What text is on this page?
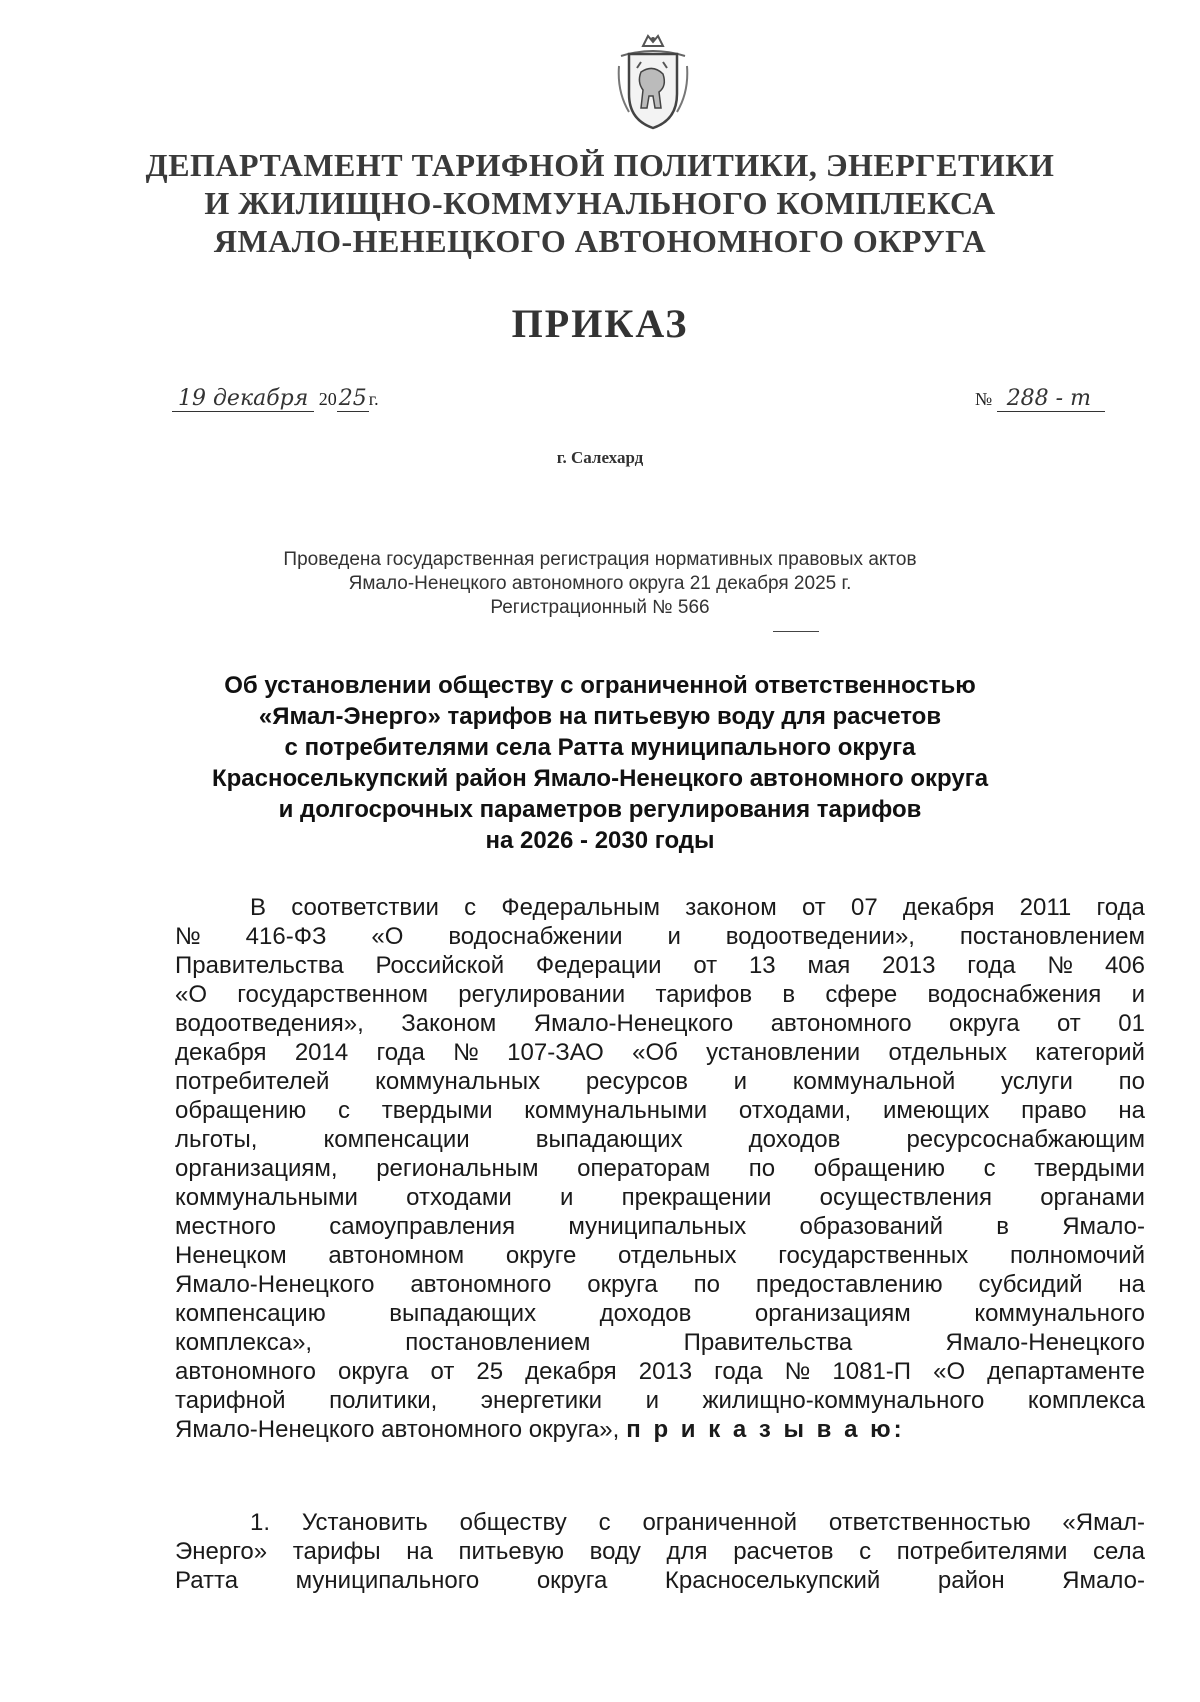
ДЕПАРТАМЕНТ ТАРИФНОЙ ПОЛИТИКИ, ЭНЕРГЕТИКИ
И ЖИЛИЩНО-КОММУНАЛЬНОГО КОМПЛЕКСА
ЯМАЛО-НЕНЕЦКОГО АВТОНОМНОГО ОКРУГА
ПРИКАЗ
19 декабря 2025 г.	№ 288 - т
г. Салехард
Проведена государственная регистрация нормативных правовых актов
Ямало-Ненецкого автономного округа 21 декабря 2025 г.
Регистрационный № 566
Об установлении обществу с ограниченной ответственностью
«Ямал-Энерго» тарифов на питьевую воду для расчетов
с потребителями села Ратта муниципального округа
Красноселькупский район Ямало-Ненецкого автономного округа
и долгосрочных параметров регулирования тарифов
на 2026 - 2030 годы
В соответствии с Федеральным законом от 07 декабря 2011 года
№ 416-ФЗ «О водоснабжении и водоотведении», постановлением
Правительства Российской Федерации от 13 мая 2013 года № 406
«О государственном регулировании тарифов в сфере водоснабжения и
водоотведения», Законом Ямало-Ненецкого автономного округа от 01
декабря 2014 года № 107-ЗАО «Об установлении отдельных категорий
потребителей коммунальных ресурсов и коммунальной услуги по
обращению с твердыми коммунальными отходами, имеющих право на
льготы,	компенсации	выпадающих	доходов	ресурсоснабжающим
организациям, региональным операторам по обращению с твердыми
коммунальными отходами и прекращении осуществления органами
местного самоуправления муниципальных образований в Ямало-
Ненецком автономном округе отдельных государственных полномочий
Ямало-Ненецкого автономного округа по предоставлению субсидий на
компенсацию	выпадающих	доходов	организациям	коммунального
комплекса»,	постановлением	Правительства	Ямало-Ненецкого
автономного округа от 25 декабря 2013 года № 1081-П «О департаменте
тарифной политики, энергетики и жилищно-коммунального комплекса
Ямало-Ненецкого автономного округа», п р и к а з ы в а ю:
1. Установить обществу с ограниченной ответственностью «Ямал-
Энерго» тарифы на питьевую воду для расчетов с потребителями села
Ратта муниципального округа Красноселькупский район Ямало-
